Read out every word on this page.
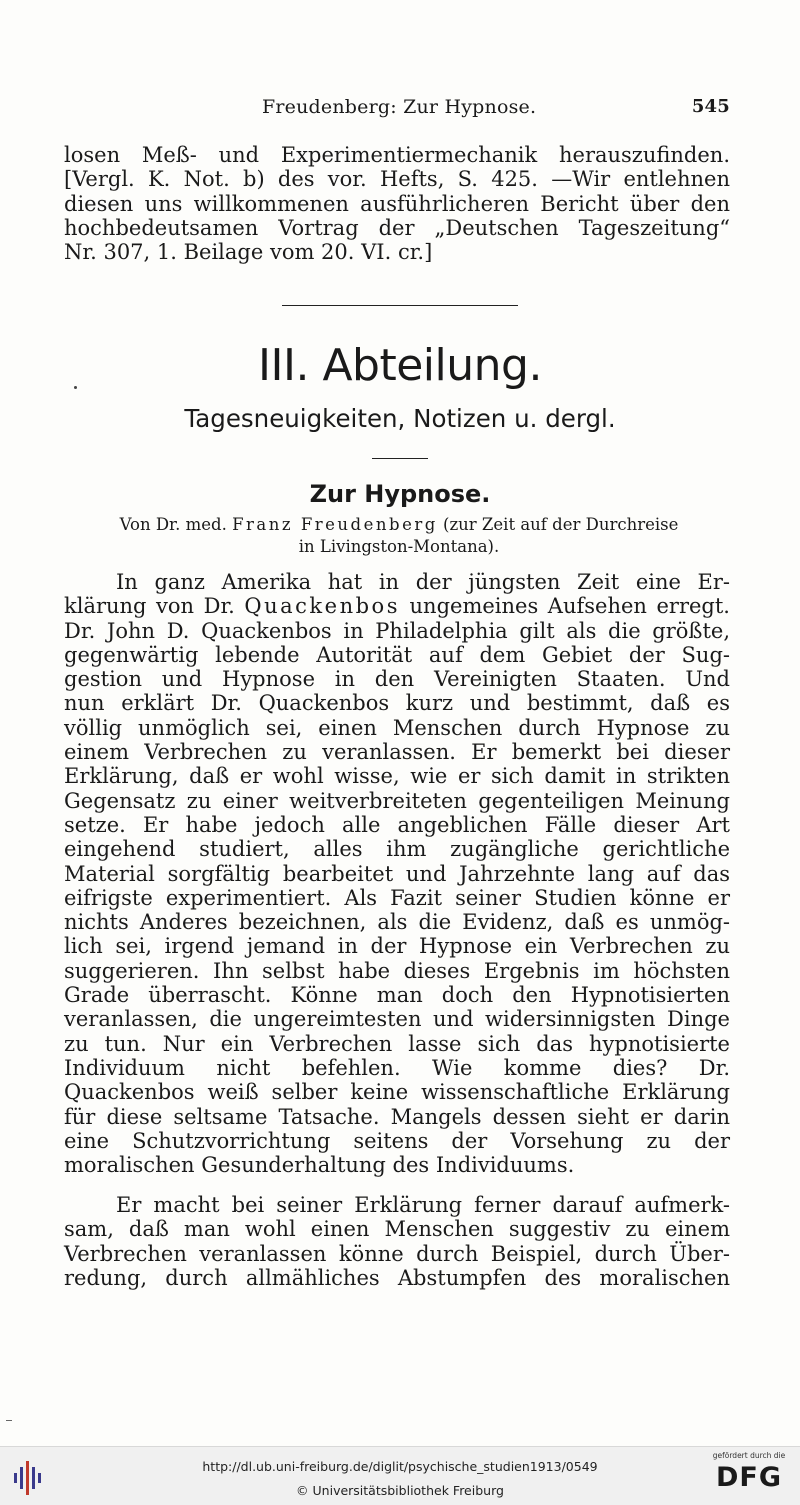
Freudenberg: Zur Hypnose.	545

losen Meß- und Experimentiermechanik herauszufinden.

[Vergl. K. Not. b) des vor. Hefts, S. 425. —Wir entlehnen

diesen uns willkommenen ausführlicheren Bericht über den

hochbedeutsamen Vortrag der „Deutschen Tageszeitung“

Nr. 307, 1. Beilage vom 20. VI. cr.]

III. Abteilung.
Tagesneuigkeiten, Notizen u. dergl.
Zur Hypnose.
Von Dr. med. Franz Freudenberg (zur Zeit auf der Durchreise
in Livingston-Montana).

In ganz Amerika hat in der jüngsten Zeit eine Er-

klärung von Dr. Quackenbos ungemeines Aufsehen erregt.

Dr. John D. Quackenbos in Philadelphia gilt als die größte,

gegenwärtig lebende Autorität auf dem Gebiet der Sug-

gestion und Hypnose in den Vereinigten Staaten. Und

nun erklärt Dr. Quackenbos kurz und bestimmt, daß es

völlig unmöglich sei, einen Menschen durch Hypnose zu

einem Verbrechen zu veranlassen. Er bemerkt bei dieser

Erklärung, daß er wohl wisse, wie er sich damit in strikten

Gegensatz zu einer weitverbreiteten gegenteiligen Meinung

setze. Er habe jedoch alle angeblichen Fälle dieser Art

eingehend studiert, alles ihm zugängliche gerichtliche

Material sorgfältig bearbeitet und Jahrzehnte lang auf das

eifrigste experimentiert. Als Fazit seiner Studien könne er

nichts Anderes bezeichnen, als die Evidenz, daß es unmög-

lich sei, irgend jemand in der Hypnose ein Verbrechen zu

suggerieren. Ihn selbst habe dieses Ergebnis im höchsten

Grade überrascht. Könne man doch den Hypnotisierten

veranlassen, die ungereimtesten und widersinnigsten Dinge

zu tun. Nur ein Verbrechen lasse sich das hypnotisierte

Individuum nicht befehlen. Wie komme dies? Dr.

Quackenbos weiß selber keine wissenschaftliche Erklärung

für diese seltsame Tatsache. Mangels dessen sieht er darin

eine Schutzvorrichtung seitens der Vorsehung zu der

moralischen Gesunderhaltung des Individuums.

Er macht bei seiner Erklärung ferner darauf aufmerk-

sam, daß man wohl einen Menschen suggestiv zu einem

Verbrechen veranlassen könne durch Beispiel, durch Über-

redung, durch allmähliches Abstumpfen des moralischen

http://dl.ub.uni-freiburg.de/diglit/psychische_studien1913/0549
© Universitätsbibliothek Freiburg
gefördert durch die
DFG
